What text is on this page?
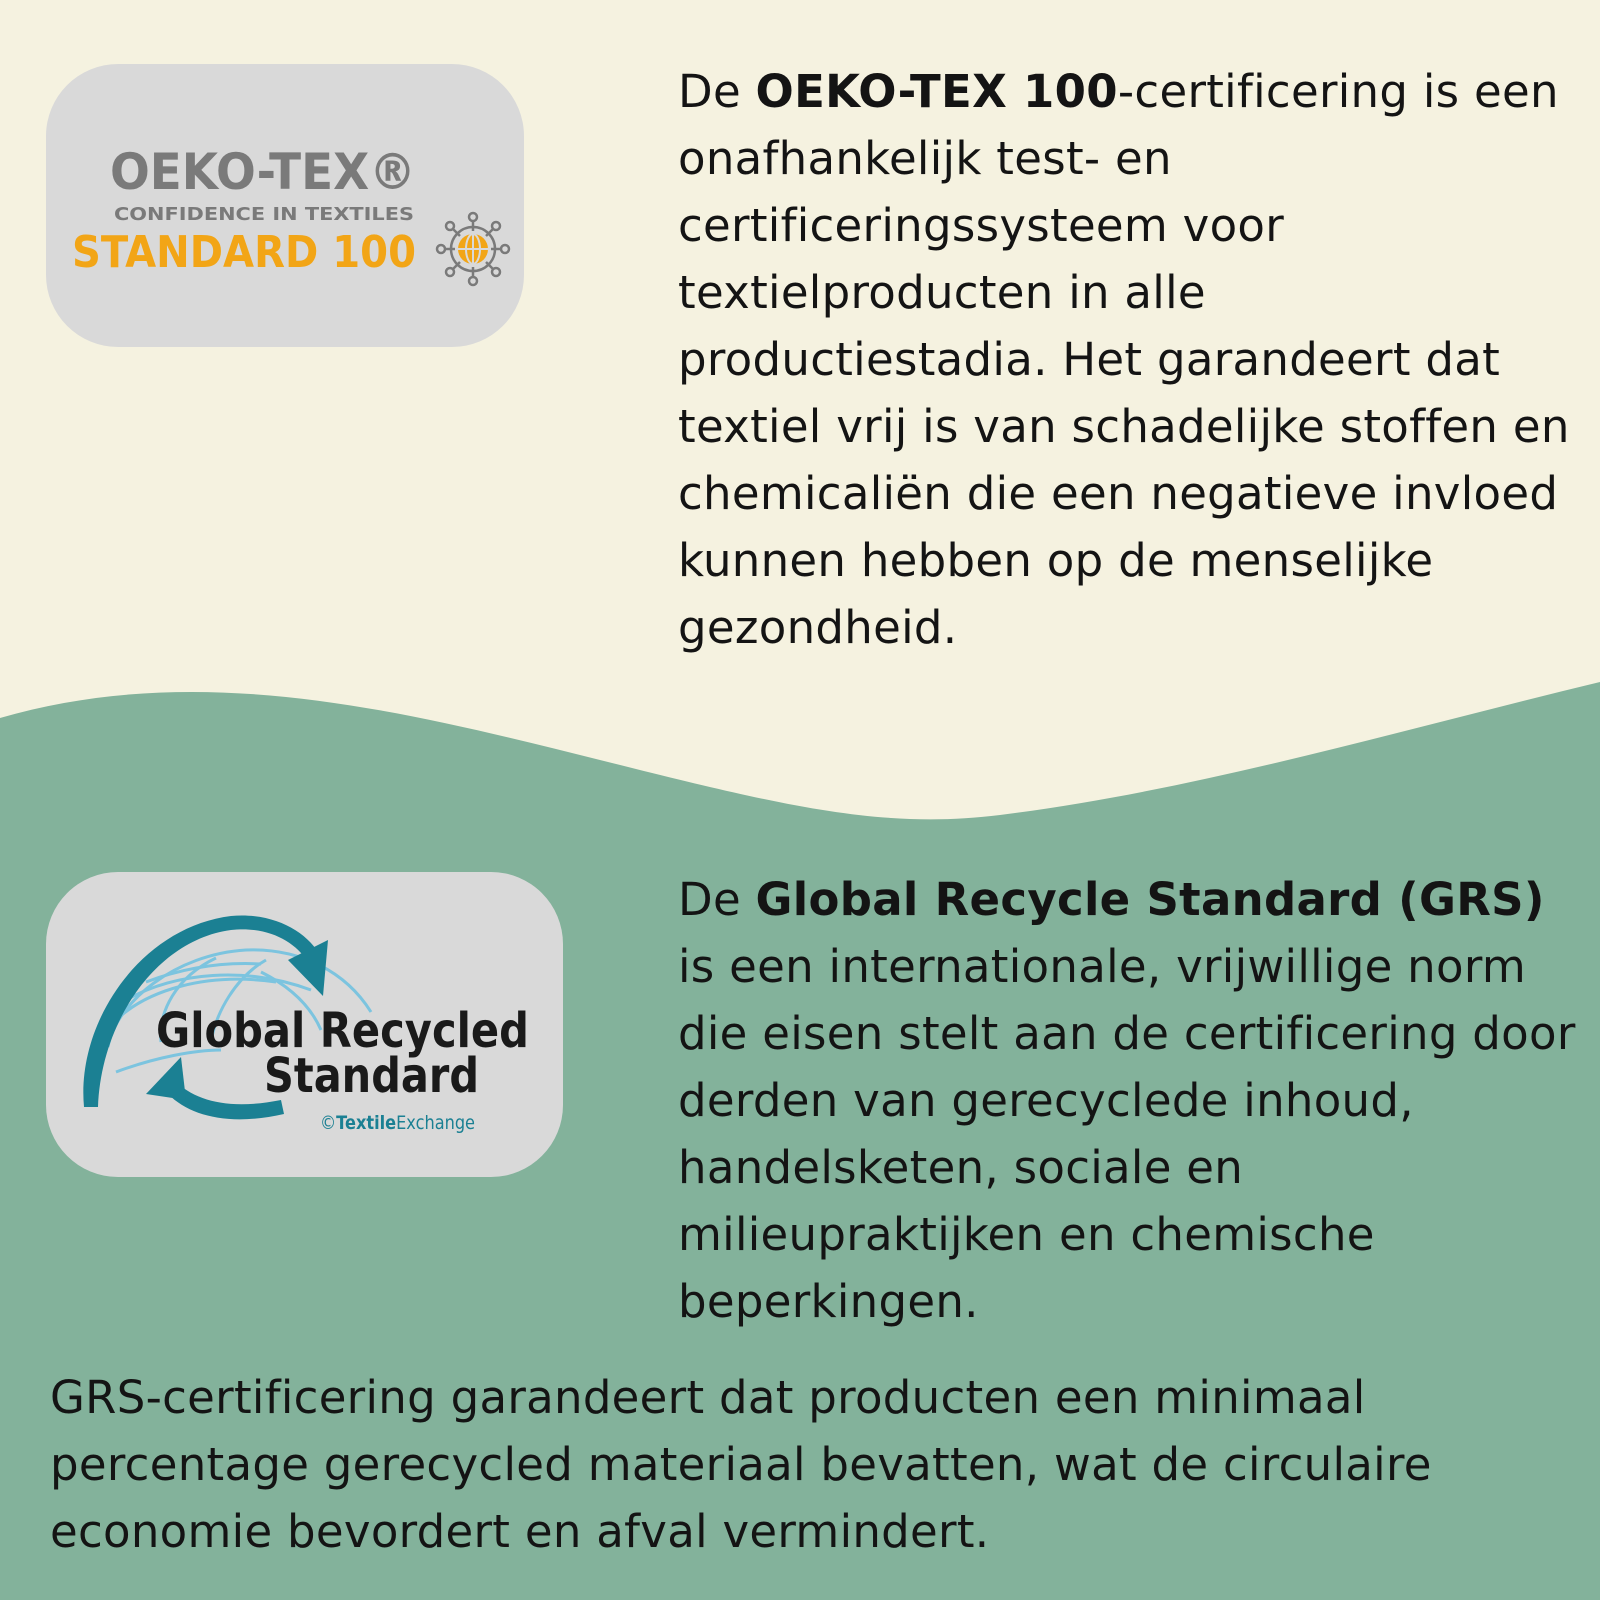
OEKO-TEX®
CONFIDENCE IN TEXTILES
STANDARD 100
Global Recycled
Standard
©TextileExchange

De OEKO-TEX 100-certificering is een onafhankelijk test- en certificeringssysteem voor textielproducten in alle productiestadia. Het garandeert dat textiel vrij is van schadelijke stoffen en chemicaliën die een negatieve invloed kunnen hebben op de menselijke gezondheid.

De Global Recycle Standard (GRS) is een internationale, vrijwillige norm die eisen stelt aan de certificering door derden van gerecyclede inhoud, handelsketen, sociale en milieupraktijken en chemische beperkingen.

GRS-certificering garandeert dat producten een minimaal percentage gerecycled materiaal bevatten, wat de circulaire economie bevordert en afval vermindert.
